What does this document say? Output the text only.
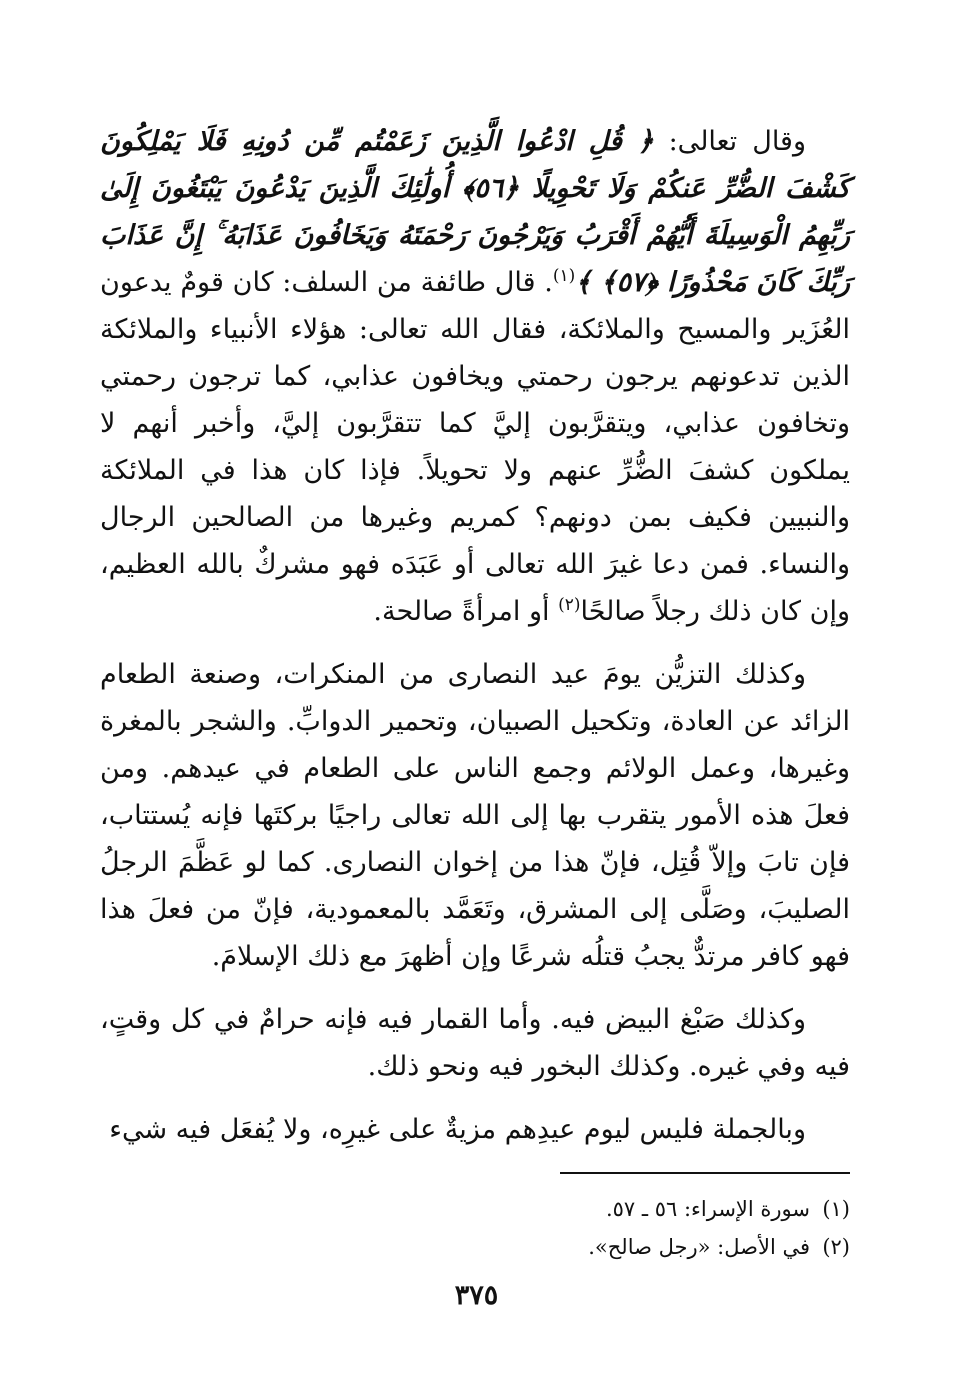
وقال تعالى: ﴿ قُلِ ادْعُوا الَّذِينَ زَعَمْتُم مِّن دُونِهِ فَلَا يَمْلِكُونَ كَشْفَ الضُّرِّ عَنكُمْ وَلَا تَحْوِيلًا ﴿٥٦﴾ أُولَٰئِكَ الَّذِينَ يَدْعُونَ يَبْتَغُونَ إِلَىٰ رَبِّهِمُ الْوَسِيلَةَ أَيُّهُمْ أَقْرَبُ وَيَرْجُونَ رَحْمَتَهُ وَيَخَافُونَ عَذَابَهُ ۚ إِنَّ عَذَابَ رَبِّكَ كَانَ مَحْذُورًا ﴿٥٧﴾ ﴾$^{(١)}$. قال طائفة من السلف: كان قومٌ يدعون العُزَير والمسيح والملائكة، فقال الله تعالى: هؤلاء الأنبياء والملائكة الذين تدعونهم يرجون رحمتي ويخافون عذابي، كما ترجون رحمتي وتخافون عذابي، ويتقرَّبون إليَّ كما تتقرَّبون إليَّ، وأخبر أنهم لا يملكون كشفَ الضُّرِّ عنهم ولا تحويلاً. فإذا كان هذا في الملائكة والنبيين فكيف بمن دونهم؟ كمريم وغيرها من الصالحين الرجال والنساء. فمن دعا غيرَ الله تعالى أو عَبَدَه فهو مشركٌ بالله العظيم، وإن كان ذلك رجلاً صالحًا$^{(٢)}$ أو امرأةً صالحة.

وكذلك التزيُّن يومَ عيد النصارى من المنكرات، وصنعة الطعام الزائد عن العادة، وتكحيل الصبيان، وتحمير الدوابِّ. والشجر بالمغرة وغيرها، وعمل الولائم وجمع الناس على الطعام في عيدهم. ومن فعلَ هذه الأمور يتقرب بها إلى الله تعالى راجيًا بركتَها فإنه يُستتاب، فإن تابَ وإلاّ قُتِل، فإنّ هذا من إخوان النصارى. كما لو عَظَّمَ الرجلُ الصليبَ، وصَلَّى إلى المشرق، وتَعَمَّد بالمعمودية، فإنّ من فعلَ هذا فهو كافر مرتدٌّ يجبُ قتلُه شرعًا وإن أظهرَ مع ذلك الإسلامَ.

وكذلك صَبْغ البيض فيه. وأما القمار فيه فإنه حرامٌ في كل وقتٍ، فيه وفي غيره. وكذلك البخور فيه ونحو ذلك.

وبالجملة فليس ليوم عيدِهم مزيةٌ على غيرِه، ولا يُفعَل فيه شيء

(١)سورة الإسراء: ٥٦ ـ ٥٧.

(٢)في الأصل: «رجل صالح».

٣٧٥
